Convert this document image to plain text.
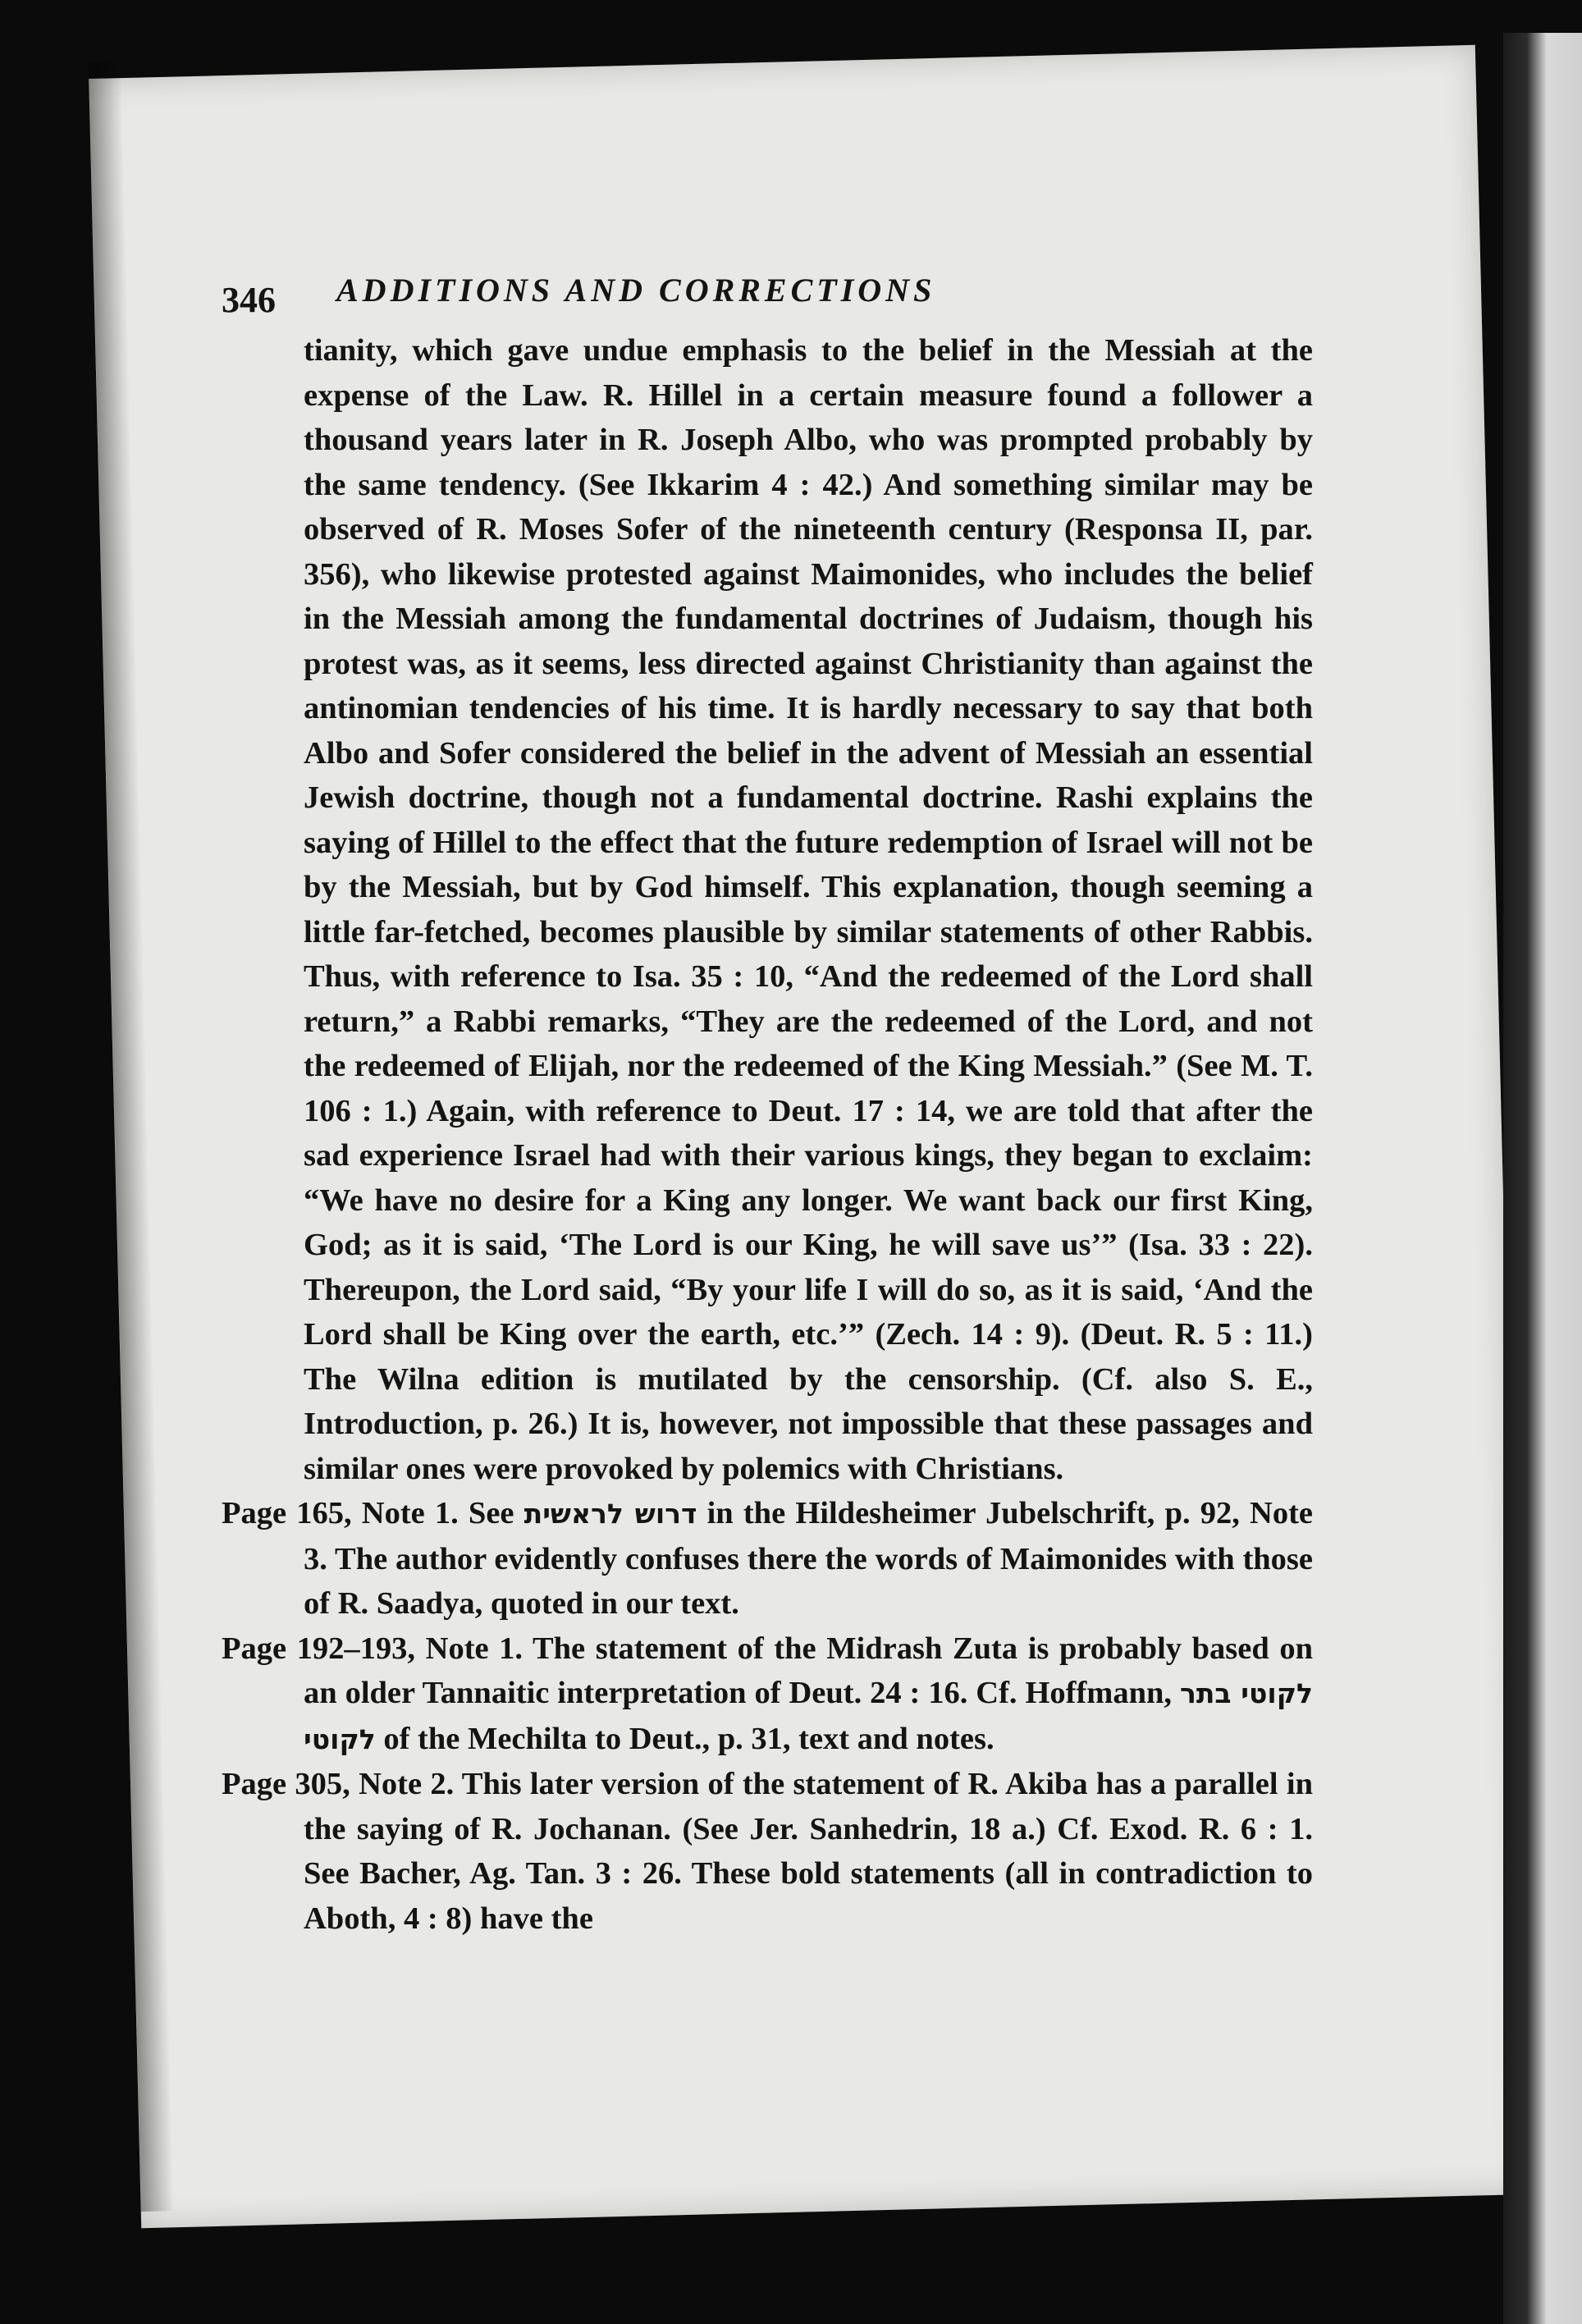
346 ADDITIONS AND CORRECTIONS

tianity, which gave undue emphasis to the belief in the Messiah at the expense of the Law. R. Hillel in a certain measure found a follower a thousand years later in R. Joseph Albo, who was prompted probably by the same tendency. (See Ikkarim 4 : 42.) And something similar may be observed of R. Moses Sofer of the nineteenth century (Responsa II, par. 356), who likewise protested against Maimonides, who includes the belief in the Messiah among the fundamental doctrines of Judaism, though his protest was, as it seems, less directed against Christianity than against the antinomian tendencies of his time. It is hardly necessary to say that both Albo and Sofer considered the belief in the advent of Messiah an essential Jewish doctrine, though not a fundamental doctrine. Rashi explains the saying of Hillel to the effect that the future redemption of Israel will not be by the Messiah, but by God himself. This explanation, though seeming a little far-fetched, becomes plausible by similar statements of other Rabbis. Thus, with reference to Isa. 35 : 10, “And the redeemed of the Lord shall return,” a Rabbi remarks, “They are the redeemed of the Lord, and not the redeemed of Elijah, nor the redeemed of the King Messiah.” (See M. T. 106 : 1.) Again, with reference to Deut. 17 : 14, we are told that after the sad experience Israel had with their various kings, they began to exclaim: “We have no desire for a King any longer. We want back our first King, God; as it is said, ‘The Lord is our King, he will save us’” (Isa. 33 : 22). Thereupon, the Lord said, “By your life I will do so, as it is said, ‘And the Lord shall be King over the earth, etc.’” (Zech. 14 : 9). (Deut. R. 5 : 11.) The Wilna edition is mutilated by the censorship. (Cf. also S. E., Introduction, p. 26.) It is, however, not impossible that these passages and similar ones were provoked by polemics with Christians.

Page 165, Note 1. See דרוש לראשית in the Hildesheimer Jubelschrift, p. 92, Note 3. The author evidently confuses there the words of Maimonides with those of R. Saadya, quoted in our text.

Page 192–193, Note 1. The statement of the Midrash Zuta is probably based on an older Tannaitic interpretation of Deut. 24 : 16. Cf. Hoffmann, לקוטי בתר לקוטי of the Mechilta to Deut., p. 31, text and notes.

Page 305, Note 2. This later version of the statement of R. Akiba has a parallel in the saying of R. Jochanan. (See Jer. Sanhedrin, 18 a.) Cf. Exod. R. 6 : 1. See Bacher, Ag. Tan. 3 : 26. These bold statements (all in contradiction to Aboth, 4 : 8) have the
